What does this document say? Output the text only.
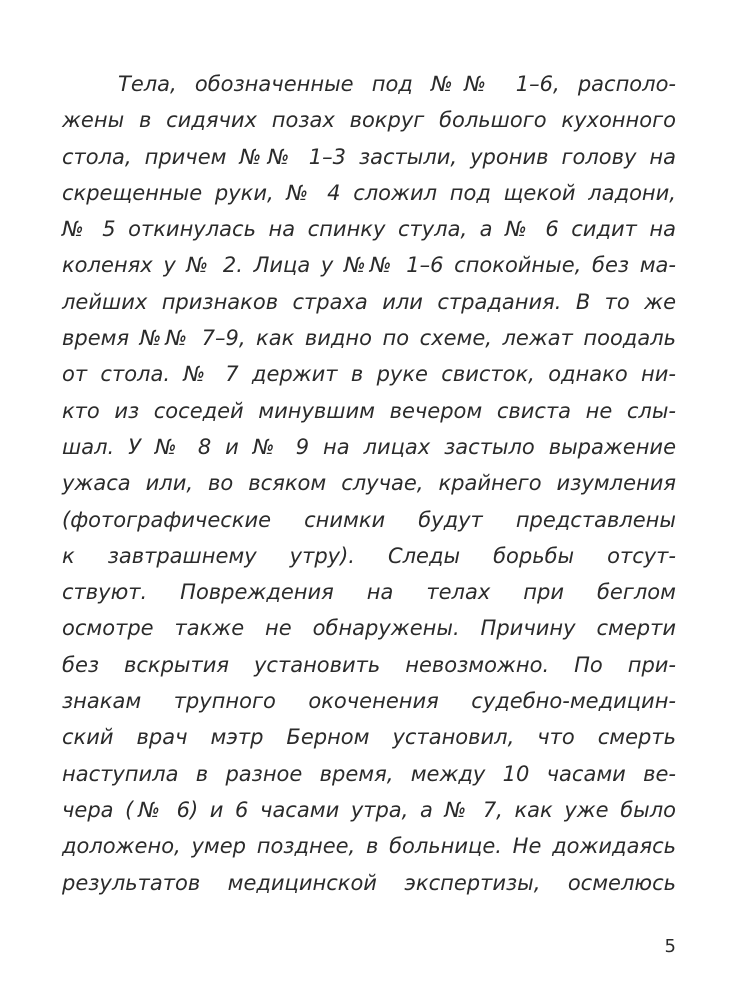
Тела, обозначенные под №№ 1–6, располо-
жены в сидячих позах вокруг большого кухонного
стола, причем №№ 1–3 застыли, уронив голову на
скрещенные руки, № 4 сложил под щекой ладони,
№ 5 откинулась на спинку стула, а № 6 сидит на
коленях у № 2. Лица у №№ 1–6 спокойные, без ма-
лейших признаков страха или страдания. В то же
время №№ 7–9, как видно по схеме, лежат поодаль
от стола. № 7 держит в руке свисток, однако ни-
кто из соседей минувшим вечером свиста не слы-
шал. У № 8 и № 9 на лицах застыло выражение
ужаса или, во всяком случае, крайнего изумления
(фотографические снимки будут представлены
к завтрашнему утру). Следы борьбы отсут-
ствуют. Повреждения на телах при беглом
осмотре также не обнаружены. Причину смерти
без вскрытия установить невозможно. По при-
знакам трупного окоченения судебно-медицин-
ский врач мэтр Берном установил, что смерть
наступила в разное время, между 10 часами ве-
чера (№ 6) и 6 часами утра, а № 7, как уже было
доложено, умер позднее, в больнице. Не дожидаясь
результатов медицинской экспертизы, осмелюсь
5
